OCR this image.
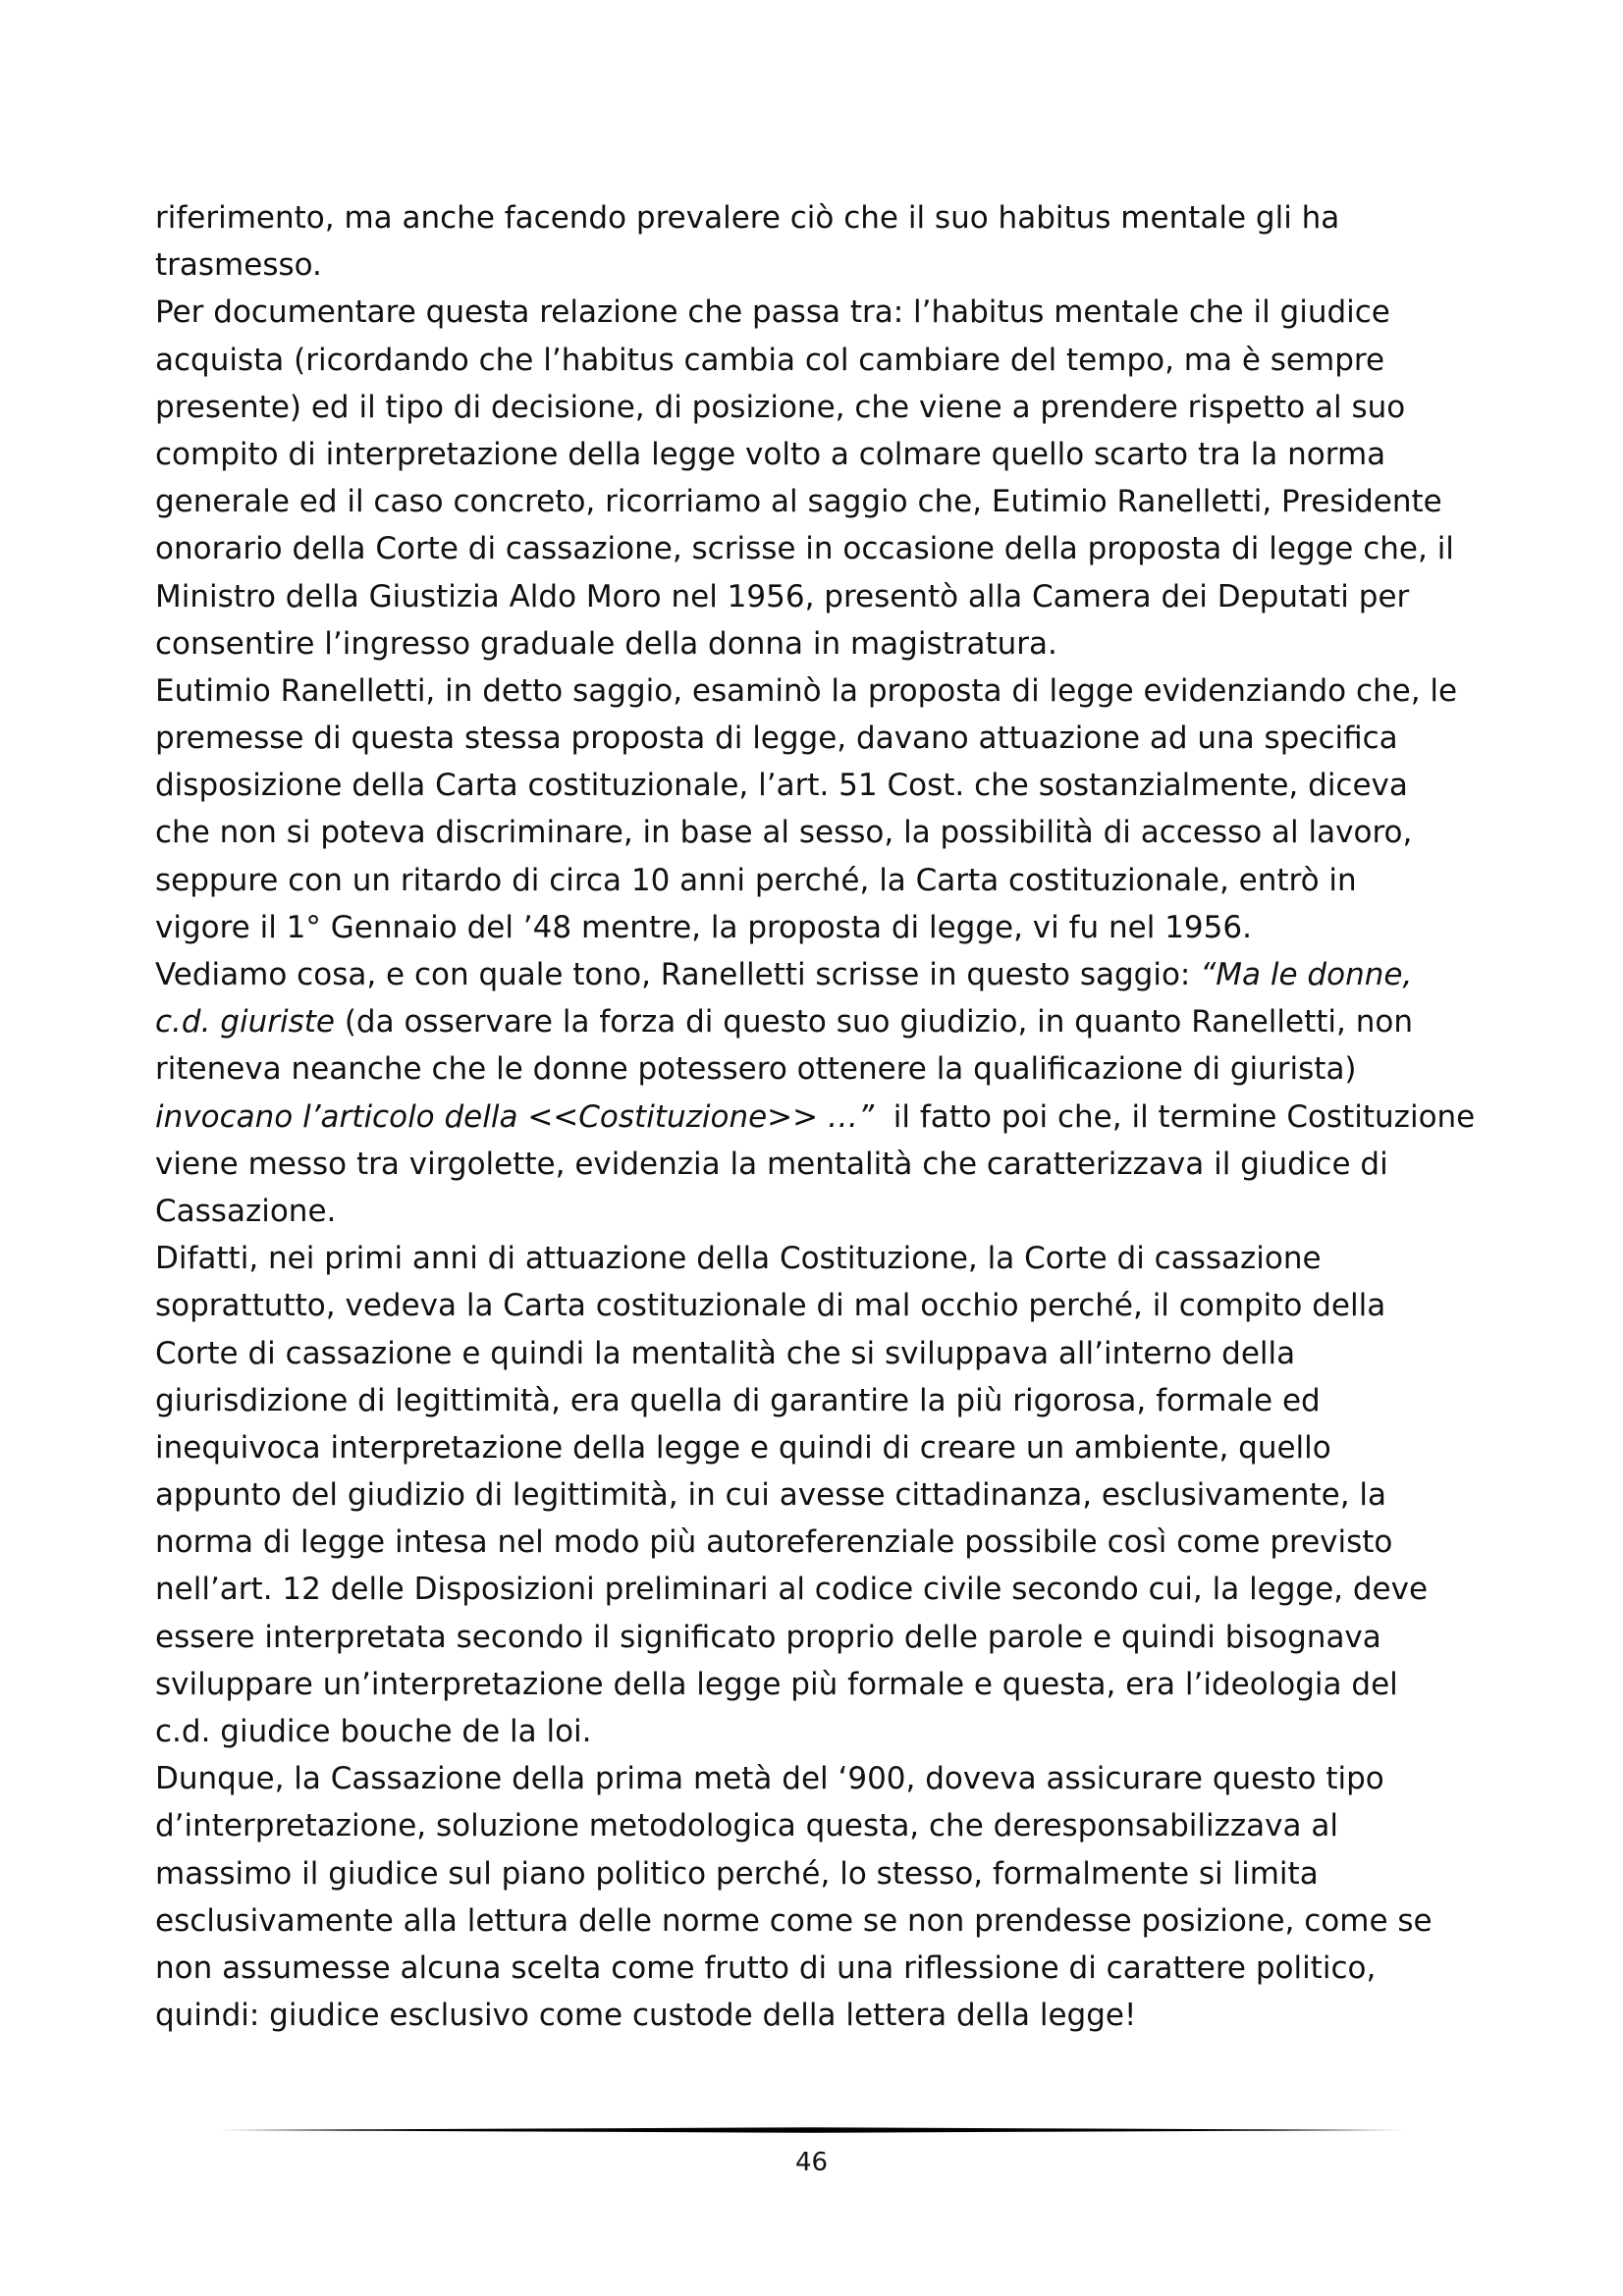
riferimento, ma anche facendo prevalere ciò che il suo habitus mentale gli ha
trasmesso.
Per documentare questa relazione che passa tra: l’habitus mentale che il giudice
acquista (ricordando che l’habitus cambia col cambiare del tempo, ma è sempre
presente) ed il tipo di decisione, di posizione, che viene a prendere rispetto al suo
compito di interpretazione della legge volto a colmare quello scarto tra la norma
generale ed il caso concreto, ricorriamo al saggio che, Eutimio Ranelletti, Presidente
onorario della Corte di cassazione, scrisse in occasione della proposta di legge che, il
Ministro della Giustizia Aldo Moro nel 1956, presentò alla Camera dei Deputati per
consentire l’ingresso graduale della donna in magistratura.
Eutimio Ranelletti, in detto saggio, esaminò la proposta di legge evidenziando che, le
premesse di questa stessa proposta di legge, davano attuazione ad una specifica
disposizione della Carta costituzionale, l’art. 51 Cost. che sostanzialmente, diceva
che non si poteva discriminare, in base al sesso, la possibilità di accesso al lavoro,
seppure con un ritardo di circa 10 anni perché, la Carta costituzionale, entrò in
vigore il 1° Gennaio del ’48 mentre, la proposta di legge, vi fu nel 1956.
Vediamo cosa, e con quale tono, Ranelletti scrisse in questo saggio: “Ma le donne,
c.d. giuriste (da osservare la forza di questo suo giudizio, in quanto Ranelletti, non
riteneva neanche che le donne potessero ottenere la qualificazione di giurista)
invocano l’articolo della <<Costituzione>> …”  il fatto poi che, il termine Costituzione
viene messo tra virgolette, evidenzia la mentalità che caratterizzava il giudice di
Cassazione.
Difatti, nei primi anni di attuazione della Costituzione, la Corte di cassazione
soprattutto, vedeva la Carta costituzionale di mal occhio perché, il compito della
Corte di cassazione e quindi la mentalità che si sviluppava all’interno della
giurisdizione di legittimità, era quella di garantire la più rigorosa, formale ed
inequivoca interpretazione della legge e quindi di creare un ambiente, quello
appunto del giudizio di legittimità, in cui avesse cittadinanza, esclusivamente, la
norma di legge intesa nel modo più autoreferenziale possibile così come previsto
nell’art. 12 delle Disposizioni preliminari al codice civile secondo cui, la legge, deve
essere interpretata secondo il significato proprio delle parole e quindi bisognava
sviluppare un’interpretazione della legge più formale e questa, era l’ideologia del
c.d. giudice bouche de la loi.
Dunque, la Cassazione della prima metà del ‘900, doveva assicurare questo tipo
d’interpretazione, soluzione metodologica questa, che deresponsabilizzava al
massimo il giudice sul piano politico perché, lo stesso, formalmente si limita
esclusivamente alla lettura delle norme come se non prendesse posizione, come se
non assumesse alcuna scelta come frutto di una riflessione di carattere politico,
quindi: giudice esclusivo come custode della lettera della legge!
46
